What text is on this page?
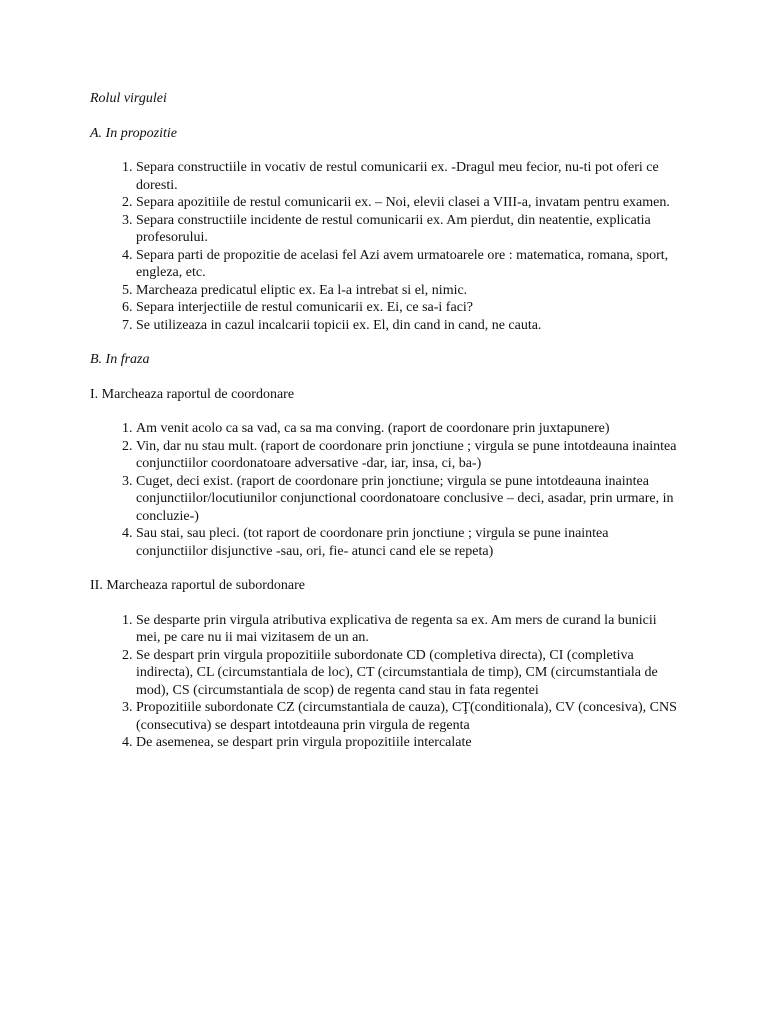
Rolul virgulei

A. In propozitie

1. Separa constructiile in vocativ de restul comunicarii ex. -Dragul meu fecior, nu-ti pot oferi ce doresti.
2. Separa apozitiile de restul comunicarii ex. – Noi, elevii clasei a VIII-a, invatam pentru examen.
3. Separa constructiile incidente de restul comunicarii ex. Am pierdut, din neatentie, explicatia profesorului.
4. Separa parti de propozitie de acelasi fel Azi avem urmatoarele ore : matematica, romana, sport, engleza, etc.
5. Marcheaza predicatul eliptic ex. Ea l-a intrebat si el, nimic.
6. Separa interjectiile de restul comunicarii ex. Ei, ce sa-i faci?
7. Se utilizeaza in cazul incalcarii topicii ex. El, din cand in cand, ne cauta.

B. In fraza

I. Marcheaza raportul de coordonare

1. Am venit acolo ca sa vad, ca sa ma conving. (raport de coordonare prin juxtapunere)
2. Vin, dar nu stau mult. (raport de coordonare prin jonctiune ; virgula se pune intotdeauna inaintea conjunctiilor coordonatoare adversative -dar, iar, insa, ci, ba-)
3. Cuget, deci exist. (raport de coordonare prin jonctiune; virgula se pune intotdeauna inaintea conjunctiilor/locutiunilor conjunctional coordonatoare conclusive – deci, asadar, prin urmare, in concluzie-)
4. Sau stai, sau pleci. (tot raport de coordonare prin jonctiune ; virgula se pune inaintea conjunctiilor disjunctive -sau, ori, fie- atunci cand ele se repeta)

II. Marcheaza raportul de subordonare

1. Se desparte prin virgula atributiva explicativa de regenta sa ex. Am mers de curand la bunicii mei, pe care nu ii mai vizitasem de un an.
2. Se despart prin virgula propozitiile subordonate CD (completiva directa), CI (completiva indirecta), CL (circumstantiala de loc), CT (circumstantiala de timp), CM (circumstantiala de mod), CS (circumstantiala de scop) de regenta cand stau in fata regentei
3. Propozitiile subordonate CZ (circumstantiala de cauza), CŢ(conditionala), CV (concesiva), CNS (consecutiva) se despart intotdeauna prin virgula de regenta
4. De asemenea, se despart prin virgula propozitiile intercalate
